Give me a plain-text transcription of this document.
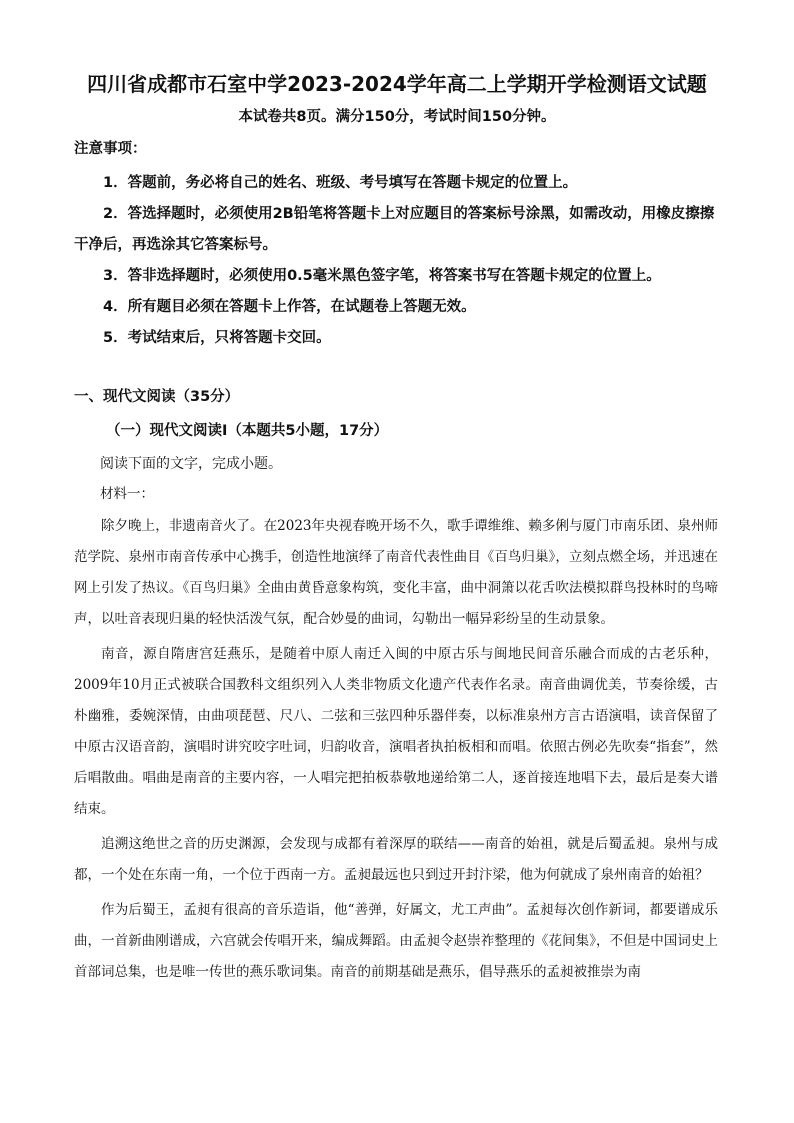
四川省成都市石室中学2023-2024学年高二上学期开学检测语文试题
本试卷共8页。满分150分，考试时间150分钟。
注意事项：

1．答题前，务必将自己的姓名、班级、考号填写在答题卡规定的位置上。

2．答选择题时，必须使用2B铅笔将答题卡上对应题目的答案标号涂黑，如需改动，用橡皮擦擦干净后，再选涂其它答案标号。

3．答非选择题时，必须使用0.5毫米黑色签字笔，将答案书写在答题卡规定的位置上。

4．所有题目必须在答题卡上作答，在试题卷上答题无效。

5．考试结束后，只将答题卡交回。

一、现代文阅读（35分）
（一）现代文阅读Ⅰ（本题共5小题，17分）
阅读下面的文字，完成小题。
材料一：

除夕晚上，非遗南音火了。在2023年央视春晚开场不久，歌手谭维维、赖多俐与厦门市南乐团、泉州师范学院、泉州市南音传承中心携手，创造性地演绎了南音代表性曲目《百鸟归巢》，立刻点燃全场，并迅速在网上引发了热议。《百鸟归巢》全曲由黄昏意象构筑，变化丰富，曲中洞箫以花舌吹法模拟群鸟投林时的鸟啼声，以吐音表现归巢的轻快活泼气氛，配合妙曼的曲词，勾勒出一幅异彩纷呈的生动景象。

南音，源自隋唐宫廷燕乐，是随着中原人南迁入闽的中原古乐与闽地民间音乐融合而成的古老乐种，2009年10月正式被联合国教科文组织列入人类非物质文化遗产代表作名录。南音曲调优美，节奏徐缓，古朴幽雅，委婉深情，由曲项琵琶、尺八、二弦和三弦四种乐器伴奏，以标准泉州方言古语演唱，读音保留了中原古汉语音韵，演唱时讲究咬字吐词，归韵收音，演唱者执拍板相和而唱。依照古例必先吹奏“指套”，然后唱散曲。唱曲是南音的主要内容，一人唱完把拍板恭敬地递给第二人，逐首接连地唱下去，最后是奏大谱结束。

追溯这绝世之音的历史渊源，会发现与成都有着深厚的联结——南音的始祖，就是后蜀孟昶。泉州与成都，一个处在东南一角，一个位于西南一方。孟昶最远也只到过开封汴梁，他为何就成了泉州南音的始祖？

作为后蜀王，孟昶有很高的音乐造诣，他“善弹，好属文，尤工声曲”。孟昶每次创作新词，都要谱成乐曲，一首新曲刚谱成，六宫就会传唱开来，编成舞蹈。由孟昶令赵崇祚整理的《花间集》，不但是中国词史上首部词总集，也是唯一传世的燕乐歌词集。南音的前期基础是燕乐，倡导燕乐的孟昶被推崇为南
